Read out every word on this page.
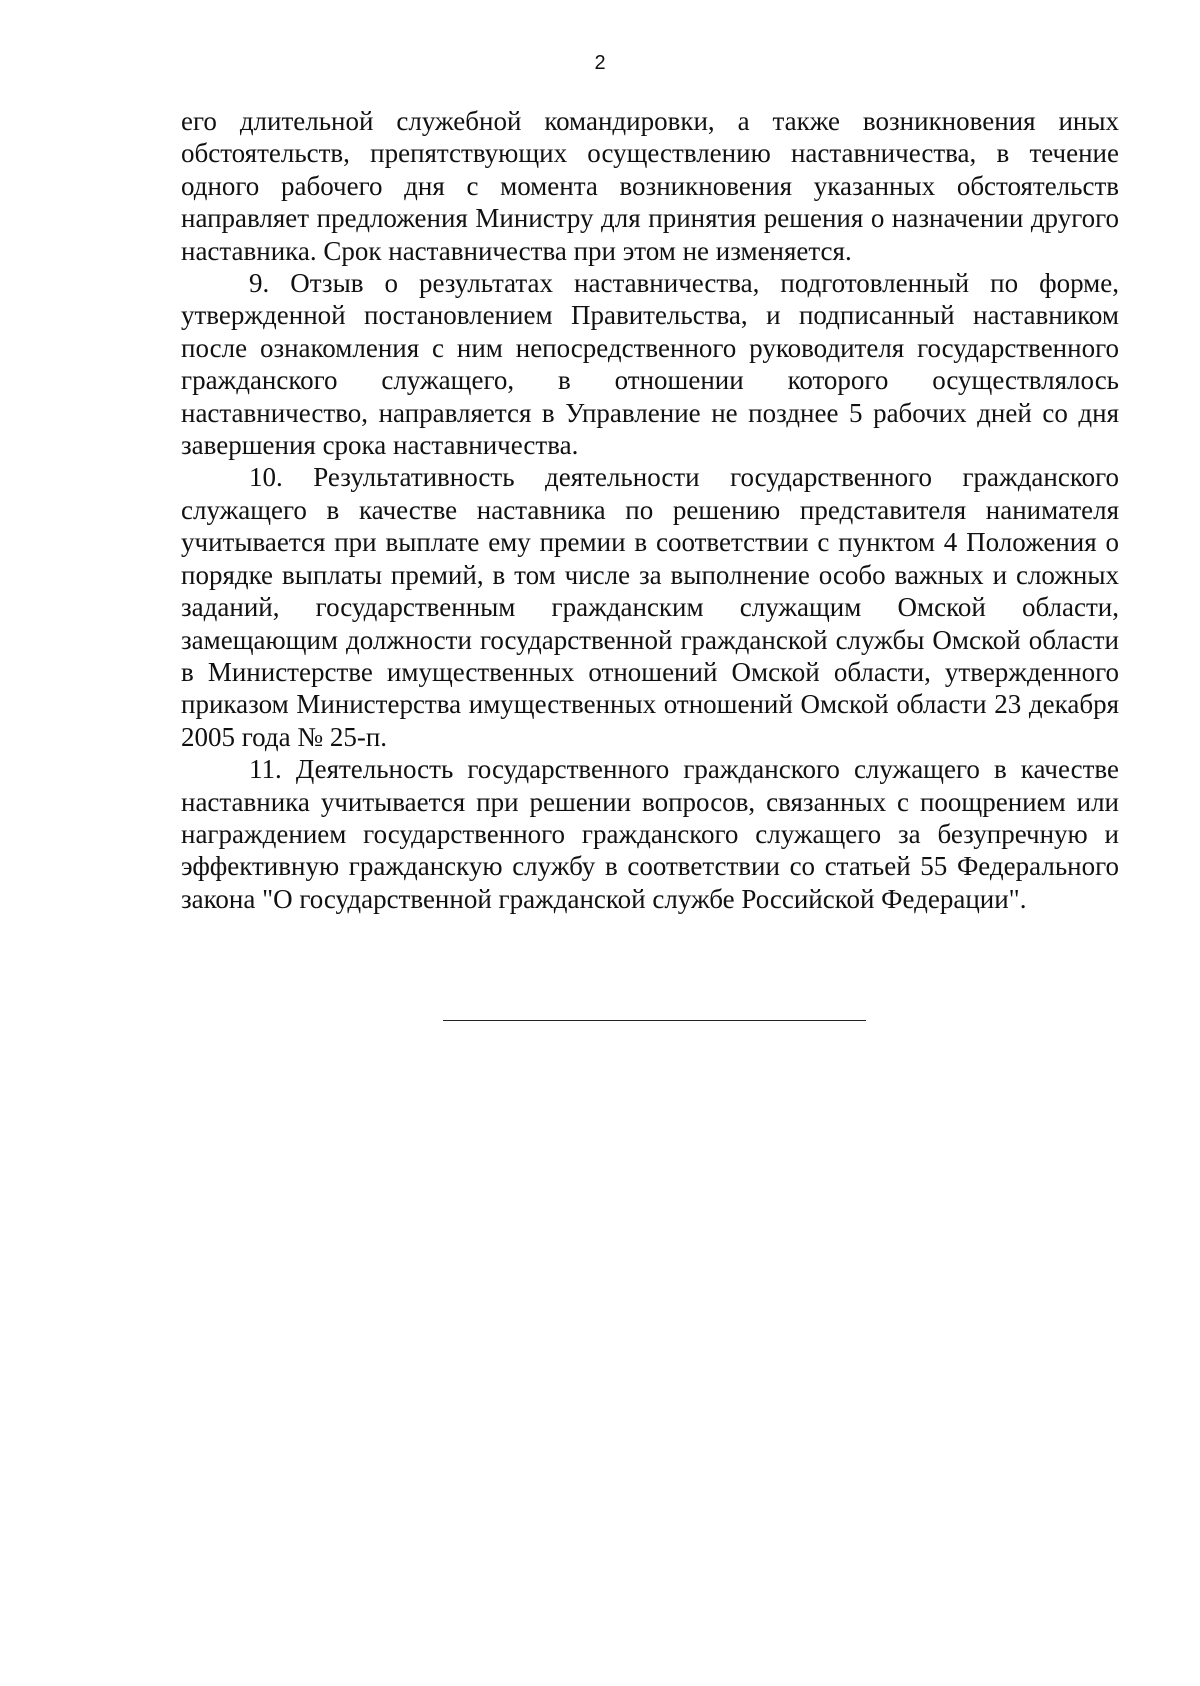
2

его длительной служебной командировки, а также возникновения иных обстоятельств, препятствующих осуществлению наставничества, в течение одного рабочего дня с момента возникновения указанных обстоятельств направляет предложения Министру для принятия решения о назначении другого наставника. Срок наставничества при этом не изменяется.

9. Отзыв о результатах наставничества, подготовленный по форме, утвержденной постановлением Правительства, и подписанный наставником после ознакомления с ним непосредственного руководителя государственного гражданского служащего, в отношении которого осуществлялось наставничество, направляется в Управление не позднее 5 рабочих дней со дня завершения срока наставничества.

10. Результативность деятельности государственного гражданского служащего в качестве наставника по решению представителя нанимателя учитывается при выплате ему премии в соответствии с пунктом 4 Положения о порядке выплаты премий, в том числе за выполнение особо важных и сложных заданий, государственным гражданским служащим Омской области, замещающим должности государственной гражданской службы Омской области в Министерстве имущественных отношений Омской области, утвержденного приказом Министерства имущественных отношений Омской области 23 декабря 2005 года № 25-п.

11. Деятельность государственного гражданского служащего в качестве наставника учитывается при решении вопросов, связанных с поощрением или награждением государственного гражданского служащего за безупречную и эффективную гражданскую службу в соответствии со статьей 55 Федерального закона "О государственной гражданской службе Российской Федерации".
